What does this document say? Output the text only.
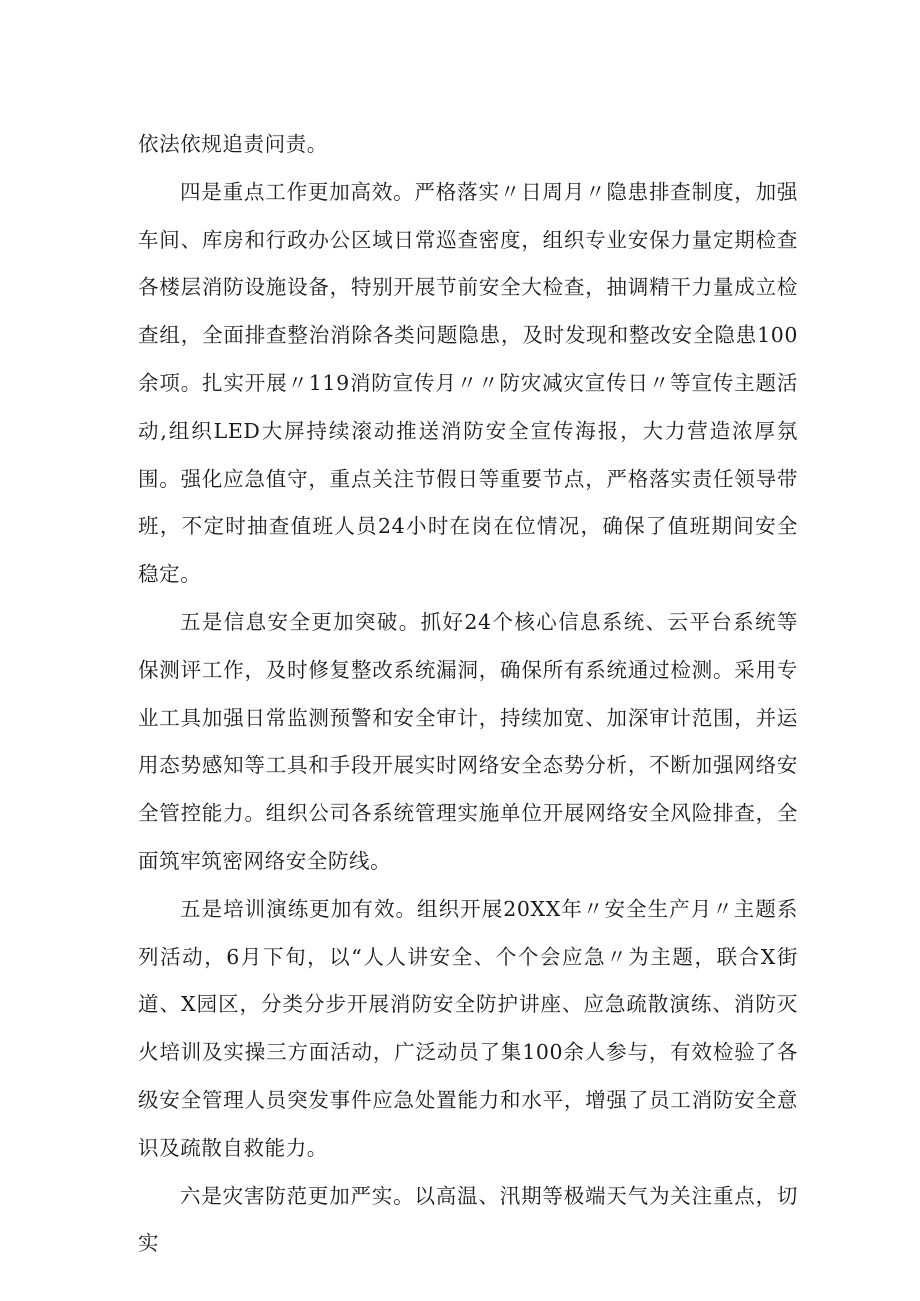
依法依规追责问责。

四是重点工作更加高效。严格落实〃日周月〃隐患排查制度，加强车间、库房和行政办公区域日常巡查密度，组织专业安保力量定期检查各楼层消防设施设备，特别开展节前安全大检查，抽调精干力量成立检查组，全面排查整治消除各类问题隐患，及时发现和整改安全隐患100余项。扎实开展〃119消防宣传月〃〃防灾减灾宣传日〃等宣传主题活动,组织LED大屏持续滚动推送消防安全宣传海报，大力营造浓厚氛围。强化应急值守，重点关注节假日等重要节点，严格落实责任领导带班，不定时抽查值班人员24小时在岗在位情况，确保了值班期间安全稳定。

五是信息安全更加突破。抓好24个核心信息系统、云平台系统等保测评工作，及时修复整改系统漏洞，确保所有系统通过检测。采用专业工具加强日常监测预警和安全审计，持续加宽、加深审计范围，并运用态势感知等工具和手段开展实时网络安全态势分析，不断加强网络安全管控能力。组织公司各系统管理实施单位开展网络安全风险排查，全面筑牢筑密网络安全防线。

五是培训演练更加有效。组织开展20XX年〃安全生产月〃主题系列活动，6月下旬，以“人人讲安全、个个会应急〃为主题，联合X街道、X园区，分类分步开展消防安全防护讲座、应急疏散演练、消防灭火培训及实操三方面活动，广泛动员了集100余人参与，有效检验了各级安全管理人员突发事件应急处置能力和水平，增强了员工消防安全意识及疏散自救能力。

六是灾害防范更加严实。以高温、汛期等极端天气为关注重点，切实
